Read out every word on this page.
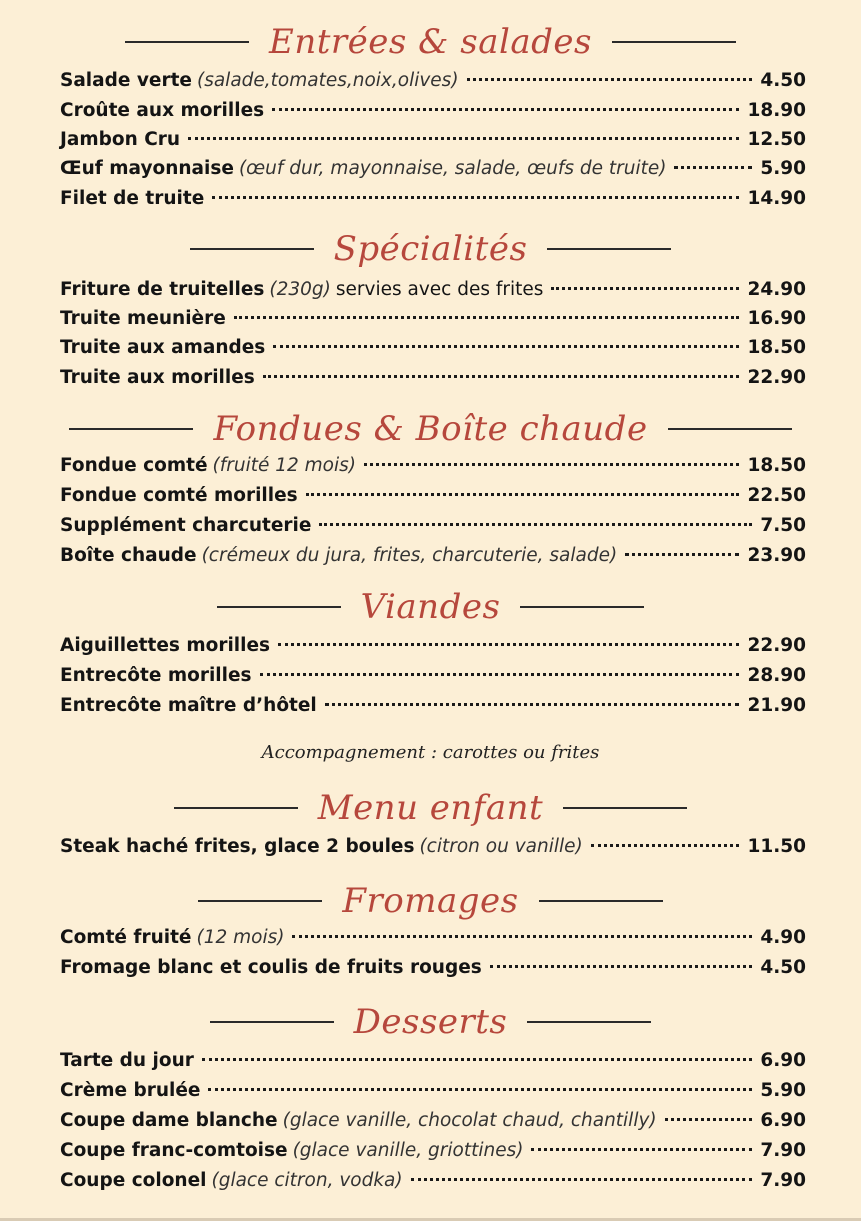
Entrées & salades
Salade verte (salade,tomates,noix,olives)	4.50
Croûte aux morilles	18.90
Jambon Cru	12.50
Œuf mayonnaise (œuf dur, mayonnaise, salade, œufs de truite)	5.90
Filet de truite	14.90
Spécialités
Friture de truitelles (230g) servies avec des frites	24.90
Truite meunière	16.90
Truite aux amandes	18.50
Truite aux morilles	22.90
Fondues & Boîte chaude
Fondue comté (fruité 12 mois)	18.50
Fondue comté morilles	22.50
Supplément charcuterie	7.50
Boîte chaude (crémeux du jura, frites, charcuterie, salade)	23.90
Viandes
Aiguillettes morilles	22.90
Entrecôte morilles	28.90
Entrecôte maître d’hôtel	21.90
Accompagnement : carottes ou frites
Menu enfant
Steak haché frites, glace 2 boules (citron ou vanille)	11.50
Fromages
Comté fruité (12 mois)	4.90
Fromage blanc et coulis de fruits rouges	4.50
Desserts
Tarte du jour	6.90
Crème brulée	5.90
Coupe dame blanche (glace vanille, chocolat chaud, chantilly)	6.90
Coupe franc-comtoise (glace vanille, griottines)	7.90
Coupe colonel (glace citron, vodka)	7.90
